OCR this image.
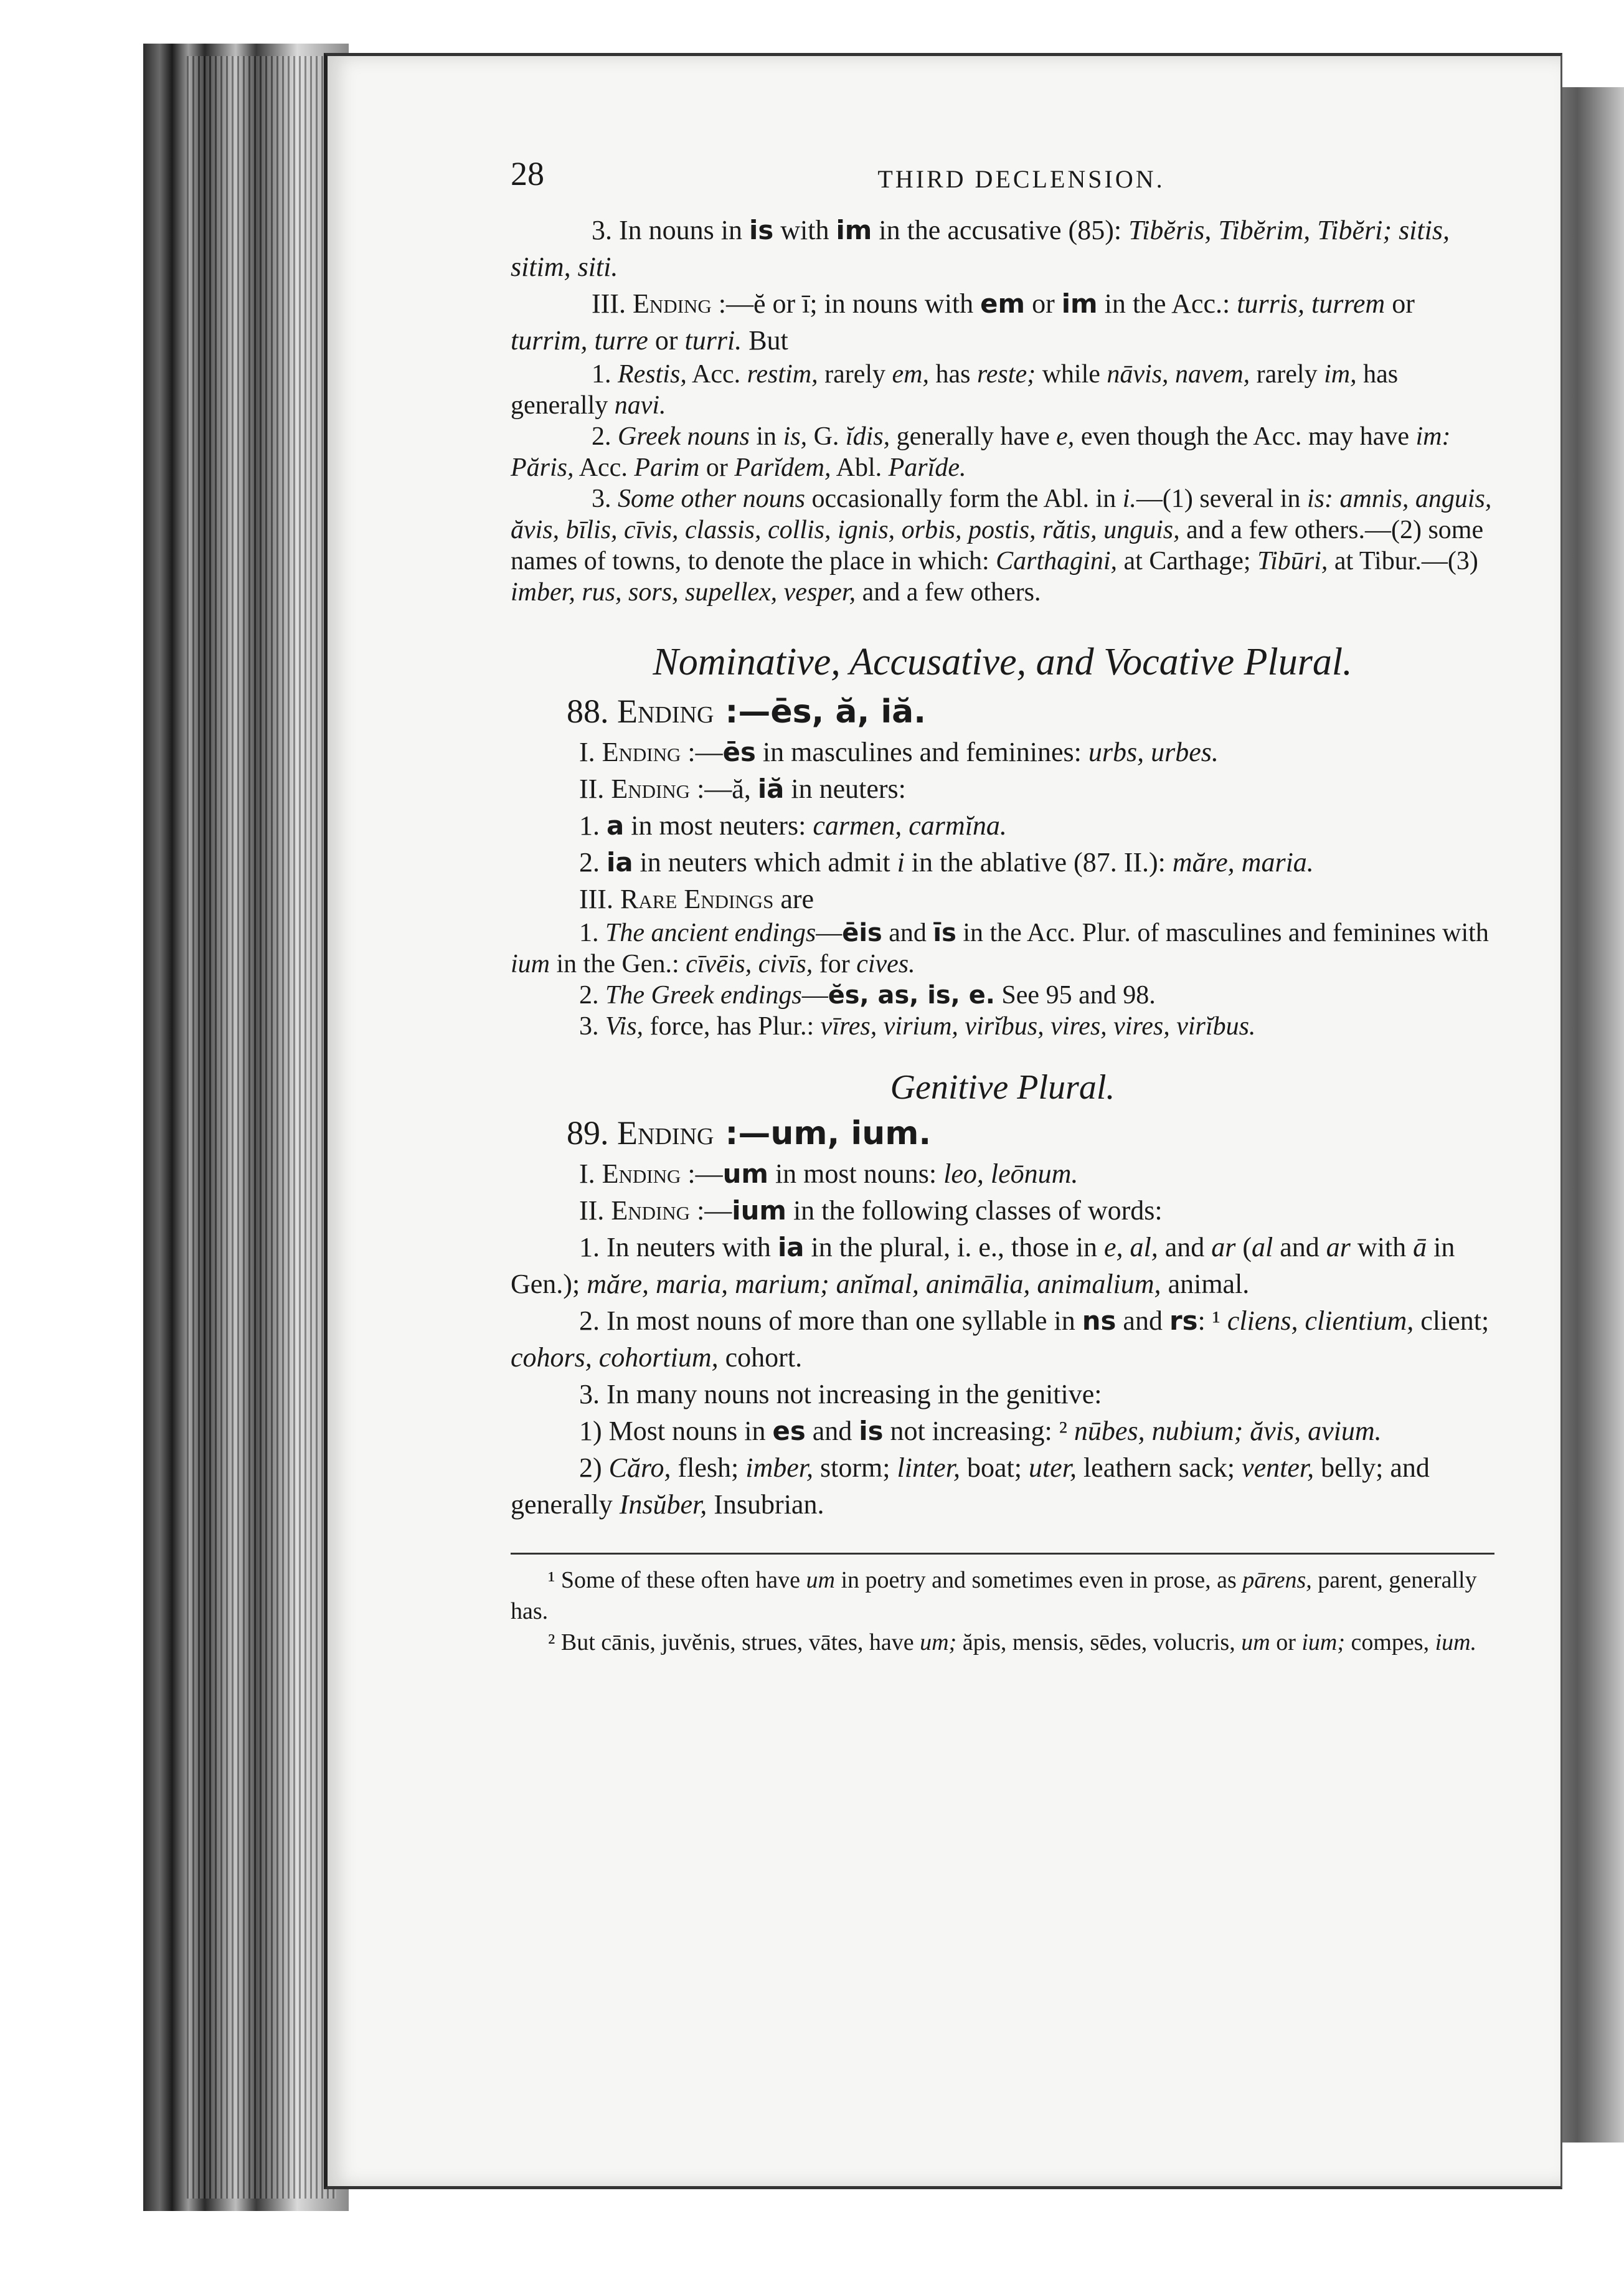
28	THIRD DECLENSION.

3. In nouns in is with im in the accusative (85): Tibĕris, Tibĕrim, Tibĕri; sitis, sitim, siti.

III. Ending :—ĕ or ī; in nouns with em or im in the Acc.: turris, turrem or turrim, turre or turri. But

1. Restis, Acc. restim, rarely em, has reste; while nāvis, navem, rarely im, has generally navi.

2. Greek nouns in is, G. ĭdis, generally have e, even though the Acc. may have im: Păris, Acc. Parim or Parĭdem, Abl. Parĭde.

3. Some other nouns occasionally form the Abl. in i.—(1) several in is: amnis, anguis, ăvis, bīlis, cīvis, classis, collis, ignis, orbis, postis, rătis, unguis, and a few others.—(2) some names of towns, to denote the place in which: Carthagini, at Carthage; Tibūri, at Tibur.—(3) imber, rus, sors, supellex, vesper, and a few others.

Nominative, Accusative, and Vocative Plural.

88. Ending :—ēs, ă, iă.

I. Ending :—ēs in masculines and feminines: urbs, urbes.

II. Ending :—ă, iă in neuters:

1. a in most neuters: carmen, carmĭna.

2. ia in neuters which admit i in the ablative (87. II.): măre, maria.

III. Rare Endings are

1. The ancient endings—ēis and īs in the Acc. Plur. of masculines and feminines with ium in the Gen.: cīvēis, civīs, for cives.

2. The Greek endings—ĕs, as, is, e. See 95 and 98.

3. Vis, force, has Plur.: vīres, virium, virĭbus, vires, vires, virĭbus.

Genitive Plural.

89. Ending :—um, ium.

I. Ending :—um in most nouns: leo, leōnum.

II. Ending :—ium in the following classes of words:

1. In neuters with ia in the plural, i. e., those in e, al, and ar (al and ar with ā in Gen.); măre, maria, marium; anĭmal, animālia, animalium, animal.

2. In most nouns of more than one syllable in ns and rs: ¹ cliens, clientium, client; cohors, cohortium, cohort.

3. In many nouns not increasing in the genitive:

1) Most nouns in es and is not increasing: ² nūbes, nubium; ăvis, avium.

2) Căro, flesh; imber, storm; linter, boat; uter, leathern sack; venter, belly; and generally Insŭber, Insubrian.

¹ Some of these often have um in poetry and sometimes even in prose, as pārens, parent, generally has.

² But cānis, juvĕnis, strues, vātes, have um; ăpis, mensis, sēdes, volucris, um or ium; compes, ium.
